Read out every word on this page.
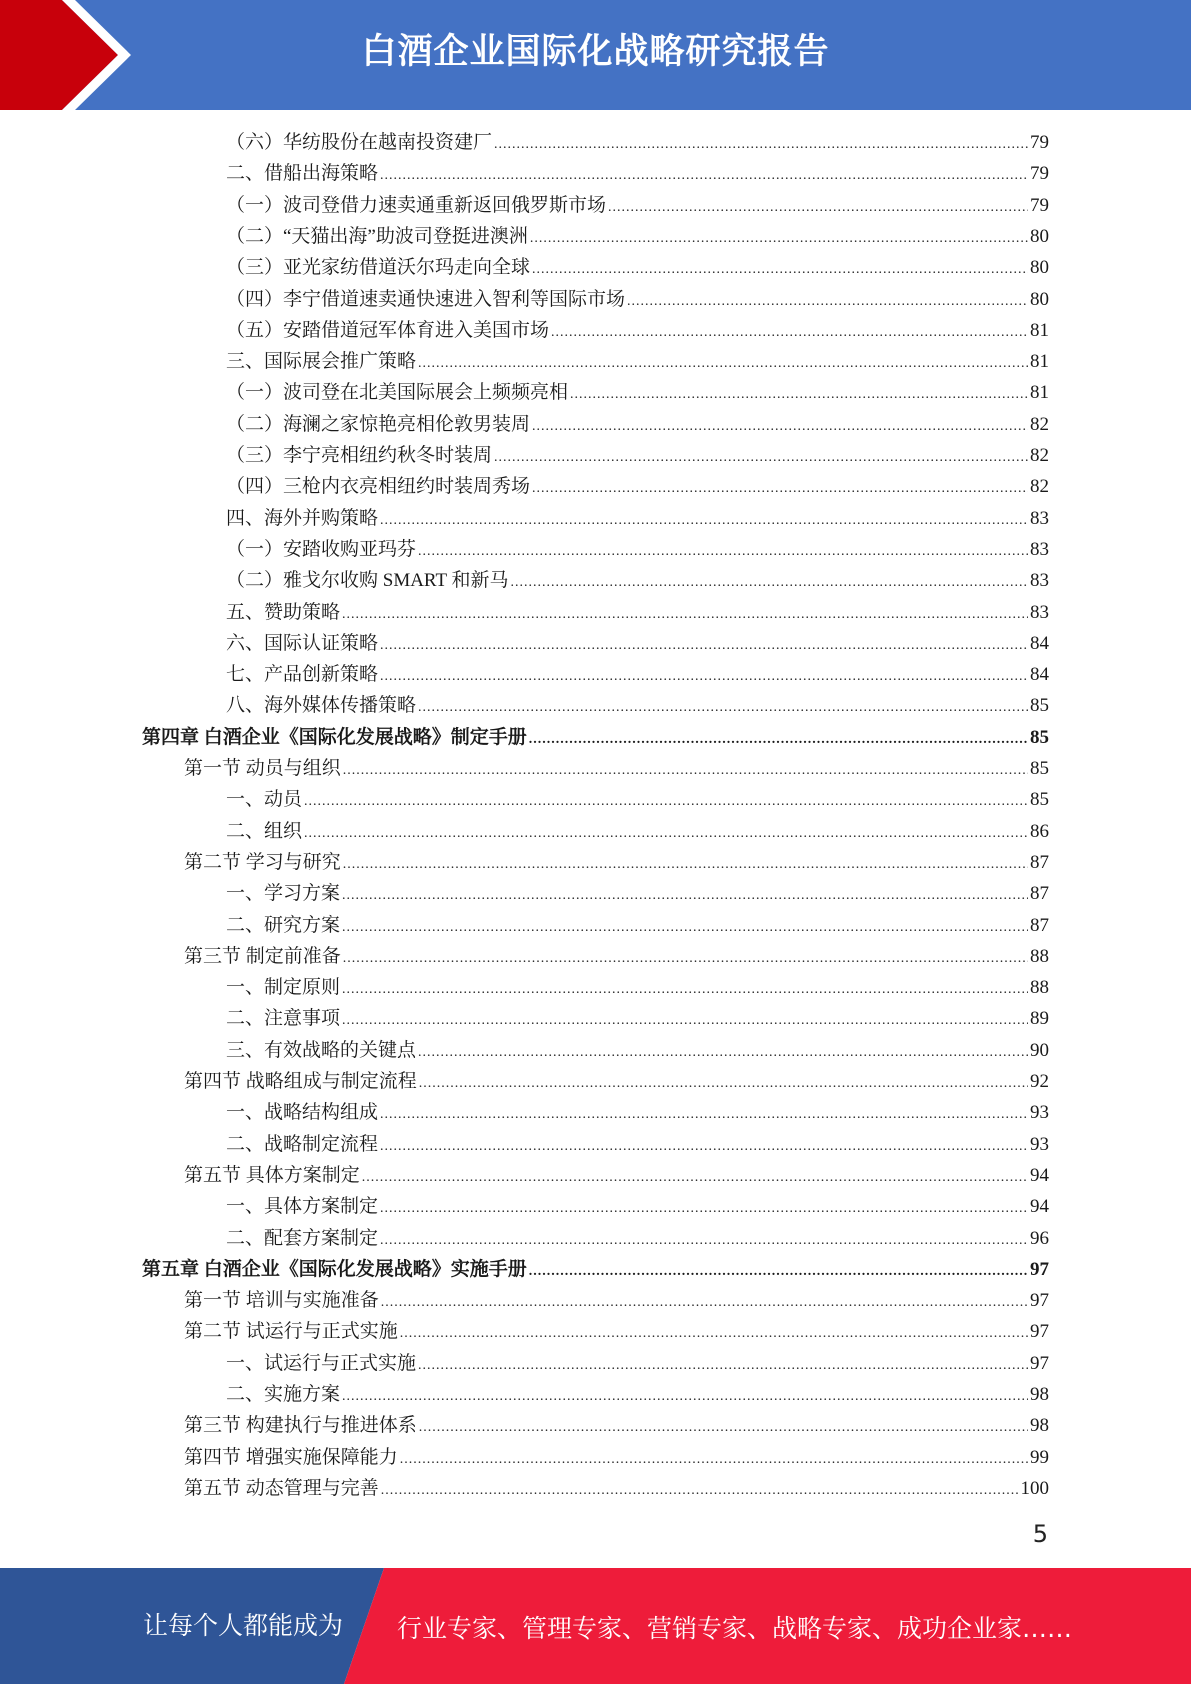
白酒企业国际化战略研究报告
（六）华纺股份在越南投资建厂 .....	79
二、借船出海策略 .....	79
（一）波司登借力速卖通重新返回俄罗斯市场 .....	79
（二）“天猫出海”助波司登挺进澳洲 .....	80
（三）亚光家纺借道沃尔玛走向全球 .....	80
（四）李宁借道速卖通快速进入智利等国际市场 .....	80
（五）安踏借道冠军体育进入美国市场 .....	81
三、国际展会推广策略 .....	81
（一）波司登在北美国际展会上频频亮相 .....	81
（二）海澜之家惊艳亮相伦敦男装周 .....	82
（三）李宁亮相纽约秋冬时装周 .....	82
（四）三枪内衣亮相纽约时装周秀场 .....	82
四、海外并购策略 .....	83
（一）安踏收购亚玛芬 .....	83
（二）雅戈尔收购 SMART 和新马 .....	83
五、赞助策略 .....	83
六、国际认证策略 .....	84
七、产品创新策略 .....	84
八、海外媒体传播策略 .....	85
第四章 白酒企业《国际化发展战略》制定手册 .....	85
第一节 动员与组织 .....	85
一、动员 .....	85
二、组织 .....	86
第二节 学习与研究 .....	87
一、学习方案 .....	87
二、研究方案 .....	87
第三节 制定前准备 .....	88
一、制定原则 .....	88
二、注意事项 .....	89
三、有效战略的关键点 .....	90
第四节 战略组成与制定流程 .....	92
一、战略结构组成 .....	93
二、战略制定流程 .....	93
第五节 具体方案制定 .....	94
一、具体方案制定 .....	94
二、配套方案制定 .....	96
第五章 白酒企业《国际化发展战略》实施手册 .....	97
第一节 培训与实施准备 .....	97
第二节 试运行与正式实施 .....	97
一、试运行与正式实施 .....	97
二、实施方案 .....	98
第三节 构建执行与推进体系 .....	98
第四节 增强实施保障能力 .....	99
第五节 动态管理与完善 .....	100
5
让每个人都能成为 行业专家、管理专家、营销专家、战略专家、成功企业家……
